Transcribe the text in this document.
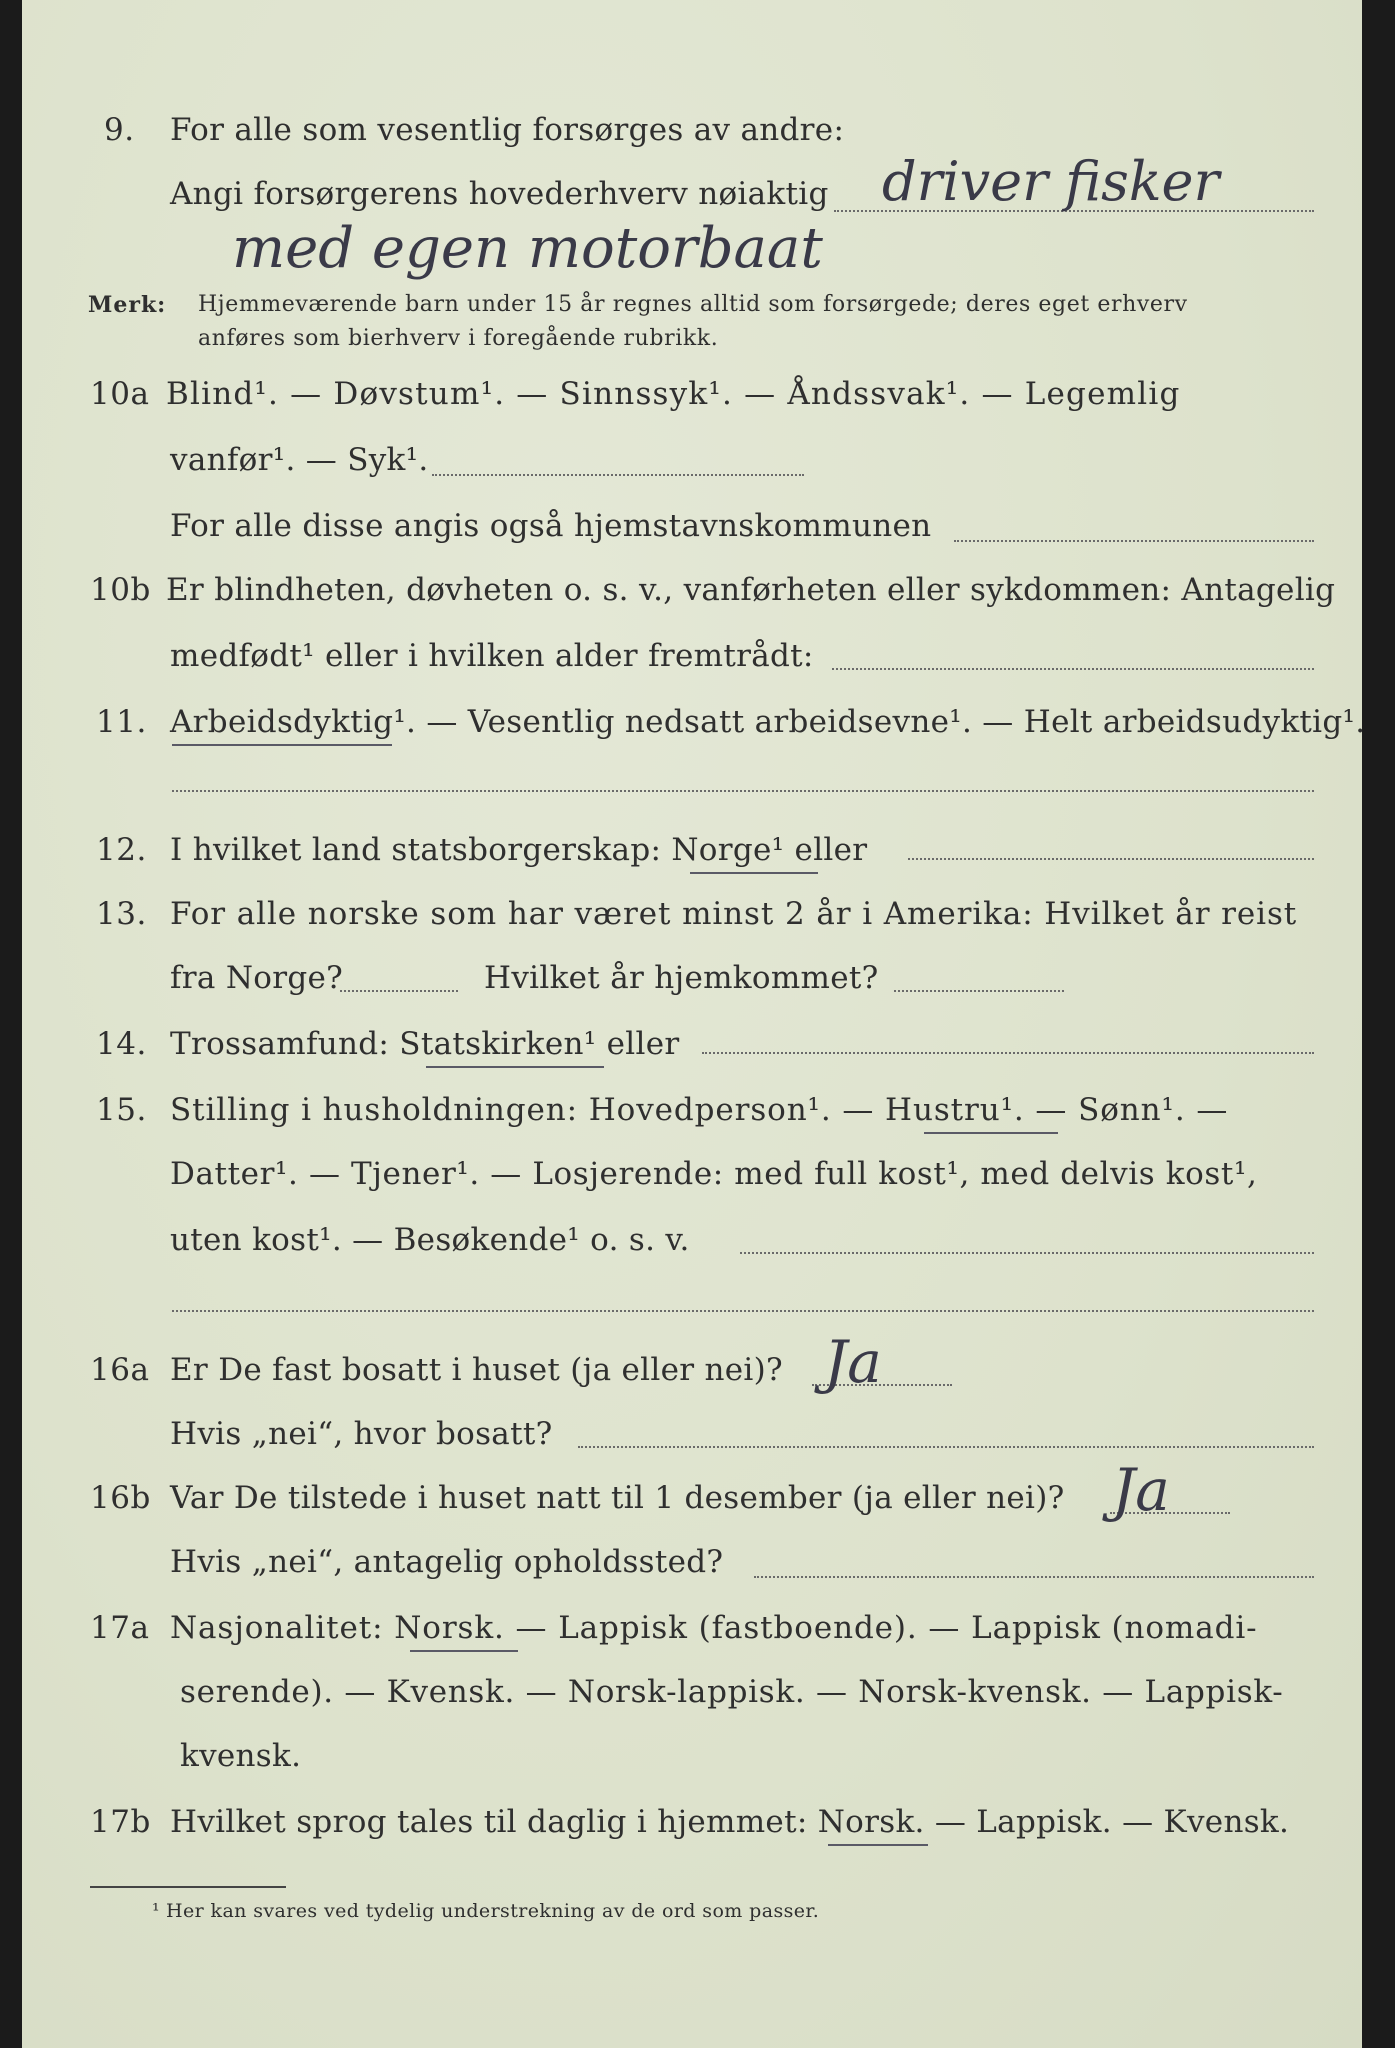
9. For alle som vesentlig forsørges av andre:
Angi forsørgerens hovederhverv nøiaktig driver fisker
med egen motorbaat
Merk: Hjemmeværende barn under 15 år regnes alltid som forsørgede; deres eget erhverv
anføres som bierhverv i foregående rubrikk.
10a Blind¹. — Døvstum¹. — Sinnssyk¹. — Åndssvak¹. — Legemlig
vanfør¹. — Syk¹.
For alle disse angis også hjemstavnskommunen
10b Er blindheten, døvheten o. s. v., vanførheten eller sykdommen: Antagelig
medfødt¹ eller i hvilken alder fremtrådt:
11. Arbeidsdyktig¹. — Vesentlig nedsatt arbeidsevne¹. — Helt arbeidsudyktig¹.
12. I hvilket land statsborgerskap: Norge¹ eller
13. For alle norske som har været minst 2 år i Amerika: Hvilket år reist
fra Norge?	Hvilket år hjemkommet?
14. Trossamfund: Statskirken¹ eller
15. Stilling i husholdningen: Hovedperson¹. — Hustru¹. — Sønn¹. —
Datter¹. — Tjener¹. — Losjerende: med full kost¹, med delvis kost¹,
uten kost¹. — Besøkende¹ o. s. v.
16a Er De fast bosatt i huset (ja eller nei)? Ja
Hvis „nei“, hvor bosatt?
16b Var De tilstede i huset natt til 1 desember (ja eller nei)? Ja
Hvis „nei“, antagelig opholdssted?
17a Nasjonalitet: Norsk. — Lappisk (fastboende). — Lappisk (nomadi-
serende). — Kvensk. — Norsk-lappisk. — Norsk-kvensk. — Lappisk-
kvensk.
17b Hvilket sprog tales til daglig i hjemmet: Norsk. — Lappisk. — Kvensk.
¹ Her kan svares ved tydelig understrekning av de ord som passer.
